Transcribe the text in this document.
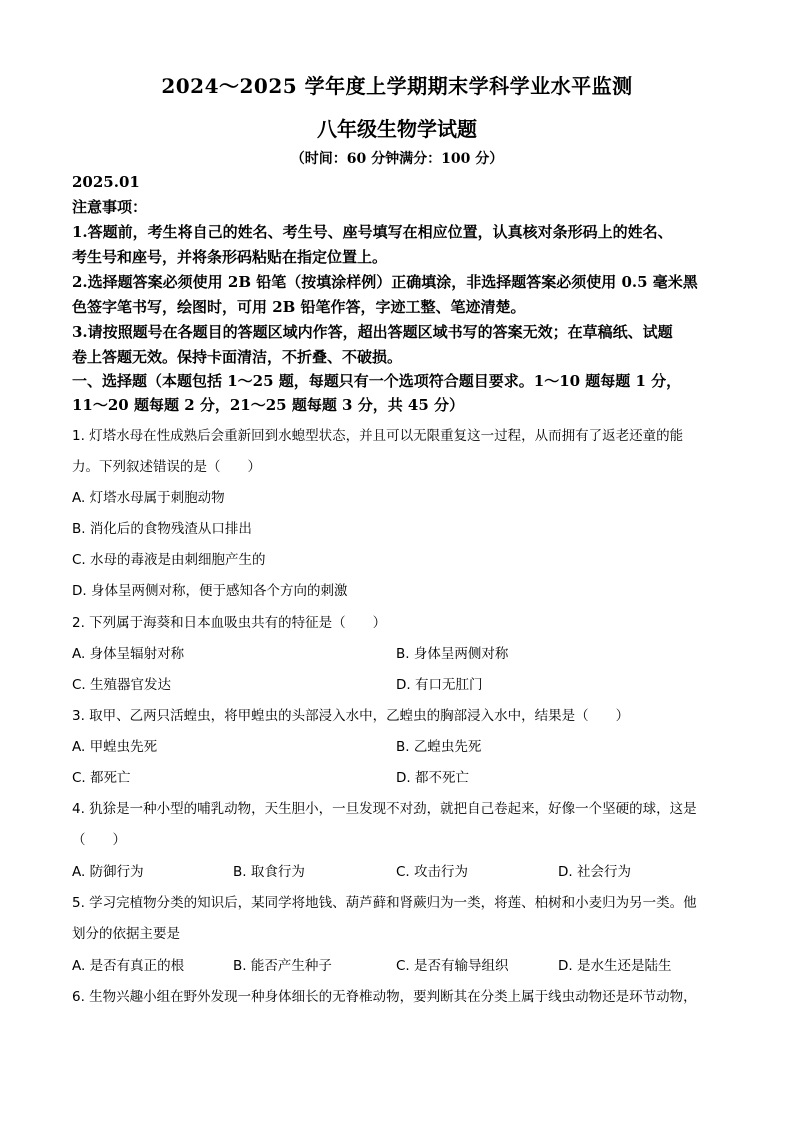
2024～2025 学年度上学期期末学科学业水平监测
八年级生物学试题
（时间：60 分钟满分：100 分）
2025.01
注意事项：
1.答题前，考生将自己的姓名、考生号、座号填写在相应位置，认真核对条形码上的姓名、
考生号和座号，并将条形码粘贴在指定位置上。
2.选择题答案必须使用 2B 铅笔（按填涂样例）正确填涂，非选择题答案必须使用 0.5 毫米黑
色签字笔书写，绘图时，可用 2B 铅笔作答，字迹工整、笔迹清楚。
3.请按照题号在各题目的答题区域内作答，超出答题区域书写的答案无效；在草稿纸、试题
卷上答题无效。保持卡面清洁，不折叠、不破损。
一、选择题（本题包括 1～25 题，每题只有一个选项符合题目要求。1～10 题每题 1 分，
11～20 题每题 2 分，21～25 题每题 3 分，共 45 分）
1. 灯塔水母在性成熟后会重新回到水螅型状态，并且可以无限重复这一过程，从而拥有了返老还童的能
力。下列叙述错误的是（　　）
A. 灯塔水母属于刺胞动物
B. 消化后的食物残渣从口排出
C. 水母的毒液是由刺细胞产生的
D. 身体呈两侧对称，便于感知各个方向的刺激
2. 下列属于海葵和日本血吸虫共有的特征是（　　）
A. 身体呈辐射对称	B. 身体呈两侧对称
C. 生殖器官发达	D. 有口无肛门
3. 取甲、乙两只活蝗虫，将甲蝗虫的头部浸入水中，乙蝗虫的胸部浸入水中，结果是（　　）
A. 甲蝗虫先死	B. 乙蝗虫先死
C. 都死亡	D. 都不死亡
4. 犰狳是一种小型的哺乳动物，天生胆小，一旦发现不对劲，就把自己卷起来，好像一个坚硬的球，这是
（　　）
A. 防御行为	B. 取食行为	C. 攻击行为	D. 社会行为
5. 学习完植物分类的知识后，某同学将地钱、葫芦藓和肾蕨归为一类，将莲、柏树和小麦归为另一类。他
划分的依据主要是
A. 是否有真正的根	B. 能否产生种子	C. 是否有输导组织	D. 是水生还是陆生
6. 生物兴趣小组在野外发现一种身体细长的无脊椎动物，要判断其在分类上属于线虫动物还是环节动物，
